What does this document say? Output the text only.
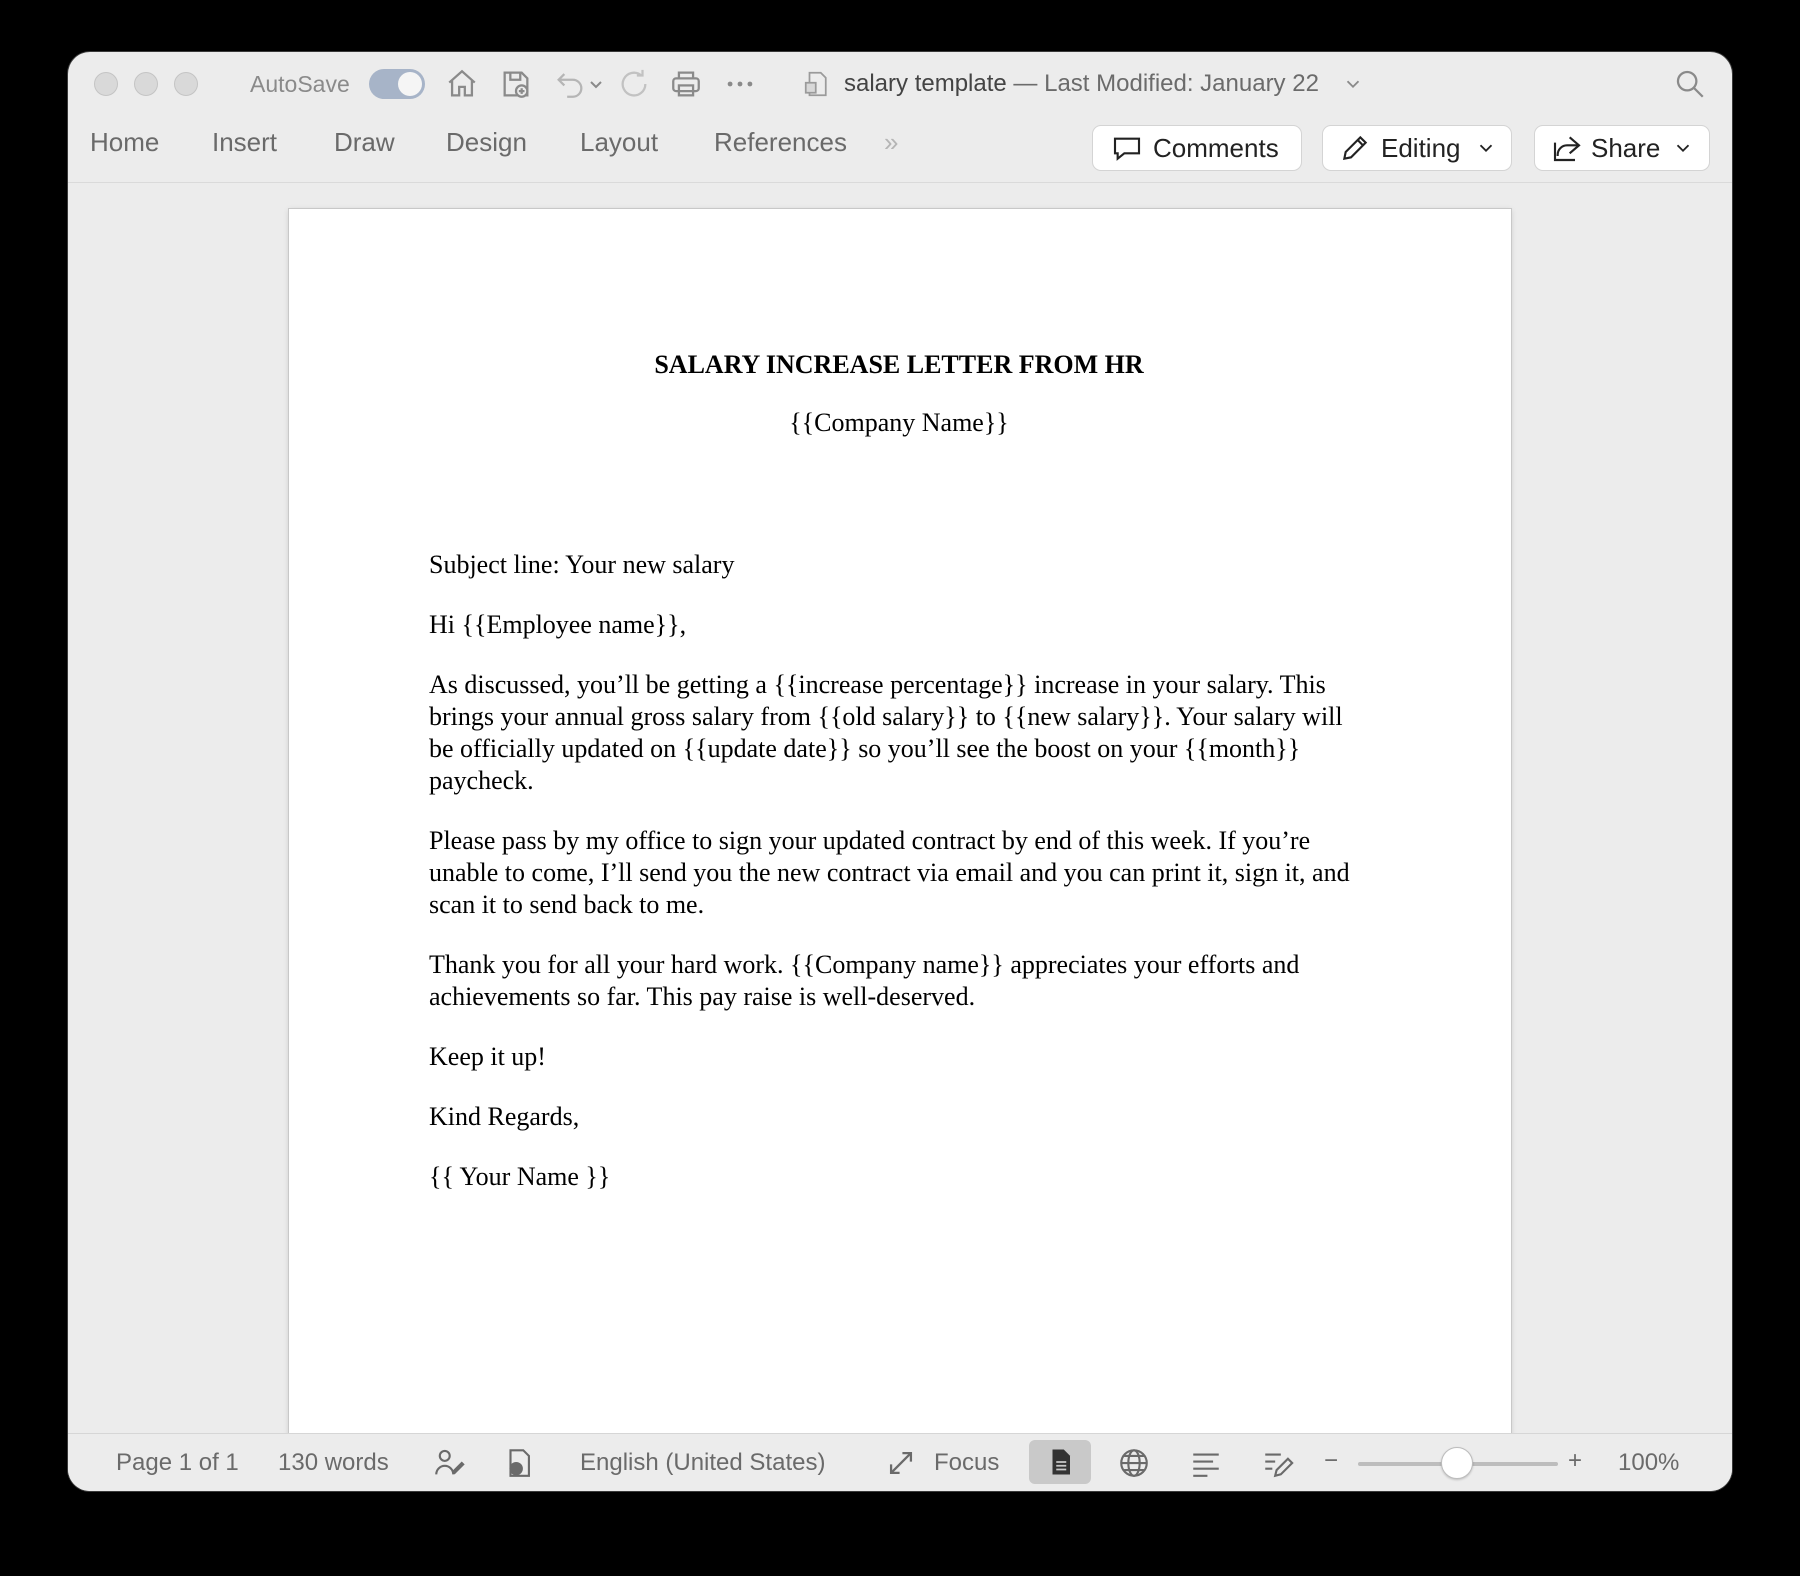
AutoSave	salary template — Last Modified: January 22
Home Insert Draw Design Layout References »	Comments	Editing	Share

SALARY INCREASE LETTER FROM HR

{{Company Name}}

Subject line: Your new salary

Hi {{Employee name}},

As discussed, you’ll be getting a {{increase percentage}} increase in your salary. This brings your annual gross salary from {{old salary}} to {{new salary}}. Your salary will be officially updated on {{update date}} so you’ll see the boost on your {{month}} paycheck.

Please pass by my office to sign your updated contract by end of this week. If you’re unable to come, I’ll send you the new contract via email and you can print it, sign it, and scan it to send back to me.

Thank you for all your hard work. {{Company name}} appreciates your efforts and achievements so far. This pay raise is well-deserved.

Keep it up!

Kind Regards,

{{ Your Name }}

Page 1 of 1 130 words	English (United States)	Focus	−	+ 100%
